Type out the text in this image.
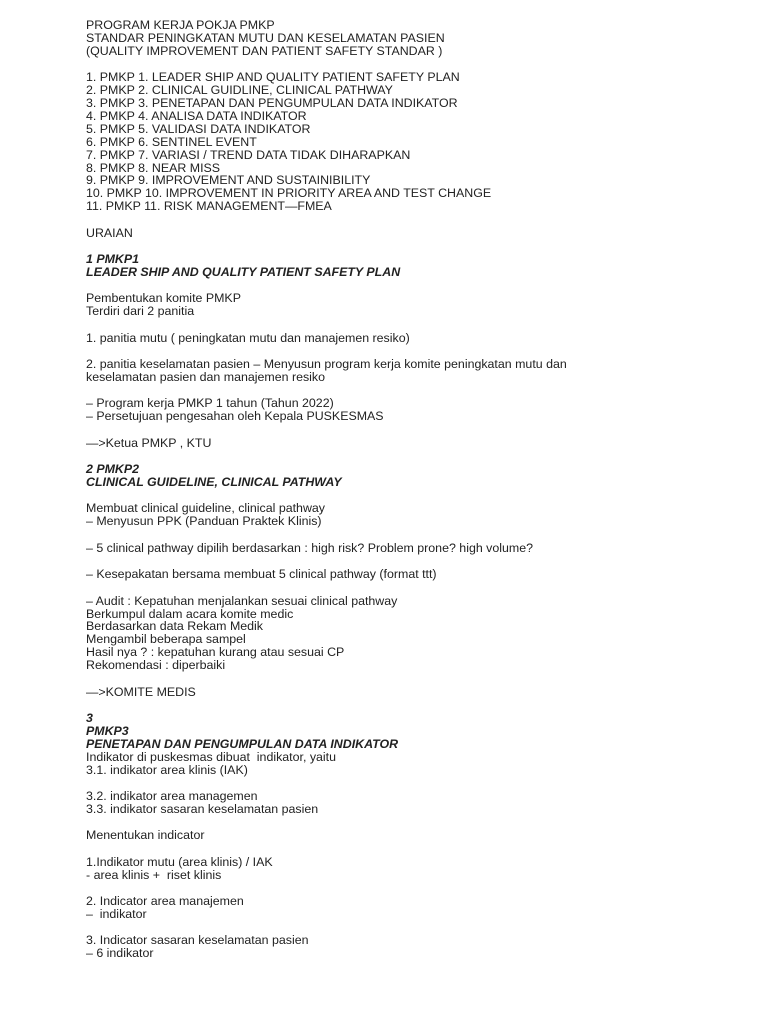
PROGRAM KERJA POKJA PMKP
STANDAR PENINGKATAN MUTU DAN KESELAMATAN PASIEN
(QUALITY IMPROVEMENT DAN PATIENT SAFETY STANDAR )
1. PMKP 1. LEADER SHIP AND QUALITY PATIENT SAFETY PLAN
2. PMKP 2. CLINICAL GUIDLINE, CLINICAL PATHWAY
3. PMKP 3. PENETAPAN DAN PENGUMPULAN DATA INDIKATOR
4. PMKP 4. ANALISA DATA INDIKATOR
5. PMKP 5. VALIDASI DATA INDIKATOR
6. PMKP 6. SENTINEL EVENT
7. PMKP 7. VARIASI / TREND DATA TIDAK DIHARAPKAN
8. PMKP 8. NEAR MISS
9. PMKP 9. IMPROVEMENT AND SUSTAINIBILITY
10. PMKP 10. IMPROVEMENT IN PRIORITY AREA AND TEST CHANGE
11. PMKP 11. RISK MANAGEMENT—FMEA
URAIAN
1 PMKP1
LEADER SHIP AND QUALITY PATIENT SAFETY PLAN
Pembentukan komite PMKP
Terdiri dari 2 panitia
1. panitia mutu ( peningkatan mutu dan manajemen resiko)
2. panitia keselamatan pasien – Menyusun program kerja komite peningkatan mutu dan
keselamatan pasien dan manajemen resiko
– Program kerja PMKP 1 tahun (Tahun 2022)
– Persetujuan pengesahan oleh Kepala PUSKESMAS
—>Ketua PMKP , KTU
2 PMKP2
CLINICAL GUIDELINE, CLINICAL PATHWAY
Membuat clinical guideline, clinical pathway
– Menyusun PPK (Panduan Praktek Klinis)
– 5 clinical pathway dipilih berdasarkan : high risk? Problem prone? high volume?
– Kesepakatan bersama membuat 5 clinical pathway (format ttt)
– Audit : Kepatuhan menjalankan sesuai clinical pathway
Berkumpul dalam acara komite medic
Berdasarkan data Rekam Medik
Mengambil beberapa sampel
Hasil nya ? : kepatuhan kurang atau sesuai CP
Rekomendasi : diperbaiki
—>KOMITE MEDIS
3
PMKP3
PENETAPAN DAN PENGUMPULAN DATA INDIKATOR
Indikator di puskesmas dibuat  indikator, yaitu
3.1. indikator area klinis (IAK)
3.2. indikator area managemen
3.3. indikator sasaran keselamatan pasien
Menentukan indicator
1.Indikator mutu (area klinis) / IAK
- area klinis +  riset klinis
2. Indicator area manajemen
–  indikator
3. Indicator sasaran keselamatan pasien
– 6 indikator
